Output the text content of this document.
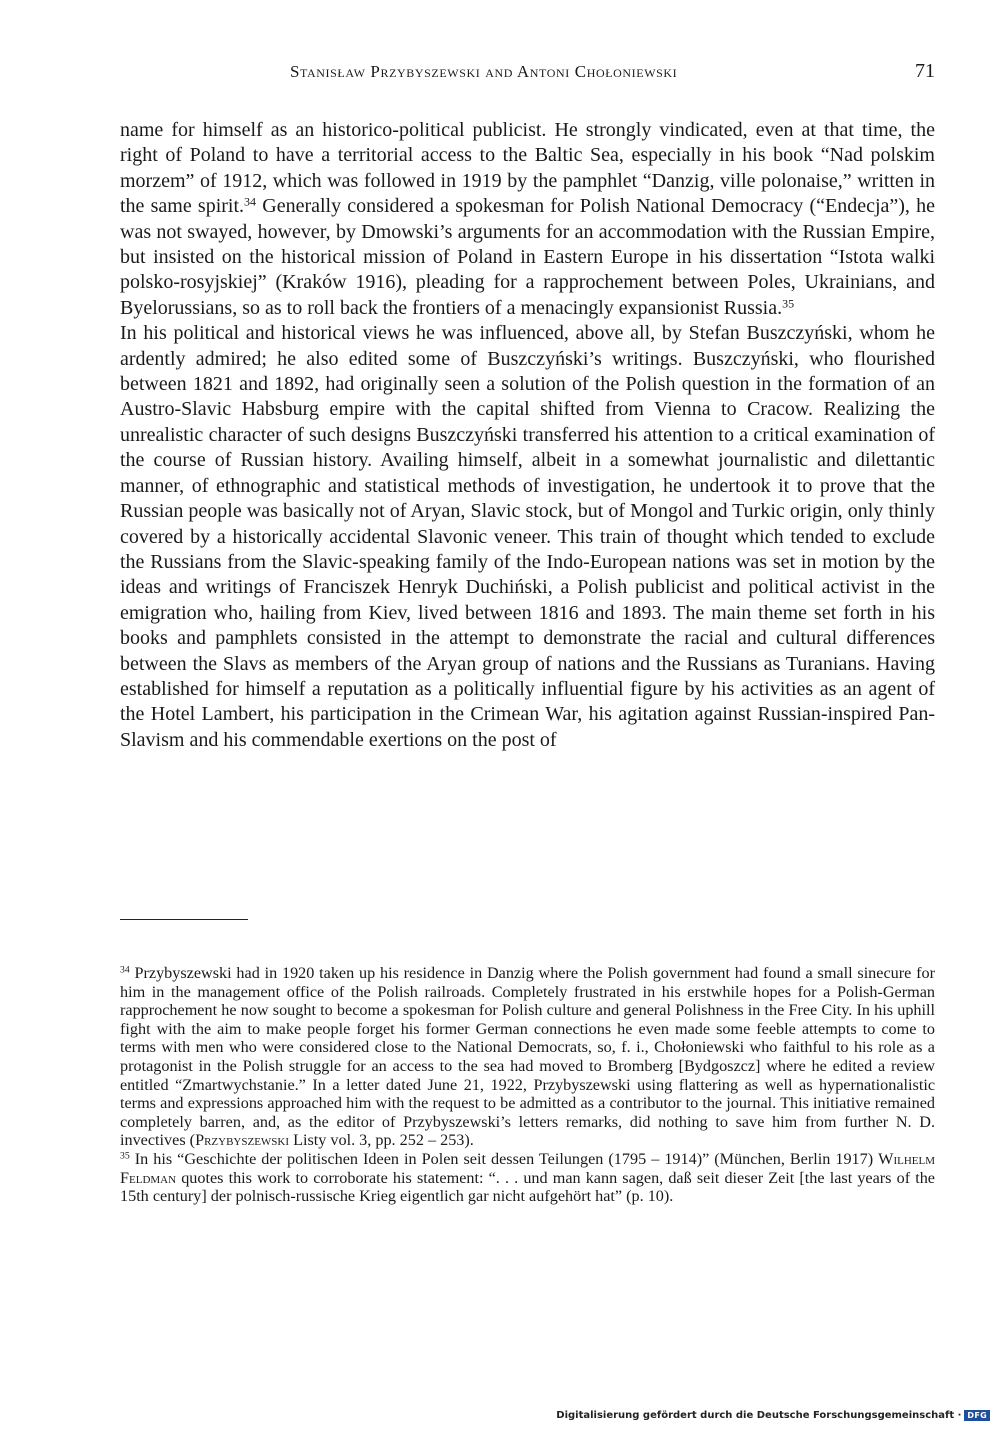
Stanisław Przybyszewski and Antoni Chołoniewski	71

name for himself as an historico-political publicist. He strongly vindicated, even at that time, the right of Poland to have a territorial access to the Baltic Sea, especially in his book “Nad polskim morzem” of 1912, which was followed in 1919 by the pamphlet “Danzig, ville polonaise,” written in the same spirit.$^{34}$ Generally considered a spokesman for Polish National Democracy (“Endecja”), he was not swayed, however, by Dmowski’s arguments for an accommodation with the Russian Empire, but insisted on the historical mission of Poland in Eastern Europe in his dissertation “Istota walki polsko-rosyjskiej” (Kraków 1916), pleading for a rapprochement between Poles, Ukrainians, and Byelorussians, so as to roll back the frontiers of a menacingly expansionist Russia.$^{35}$

In his political and historical views he was influenced, above all, by Stefan Buszczyński, whom he ardently admired; he also edited some of Buszczyński’s writings. Buszczyński, who flourished between 1821 and 1892, had originally seen a solution of the Polish question in the formation of an Austro-Slavic Habsburg empire with the capital shifted from Vienna to Cracow. Realizing the unrealistic character of such designs Buszczyński transferred his attention to a critical examination of the course of Russian history. Availing himself, albeit in a somewhat journalistic and dilettantic manner, of ethnographic and statistical methods of investigation, he undertook it to prove that the Russian people was basically not of Aryan, Slavic stock, but of Mongol and Turkic origin, only thinly covered by a historically accidental Slavonic veneer. This train of thought which tended to exclude the Russians from the Slavic-speaking family of the Indo-European nations was set in motion by the ideas and writings of Franciszek Henryk Duchiński, a Polish publicist and political activist in the emigration who, hailing from Kiev, lived between 1816 and 1893. The main theme set forth in his books and pamphlets consisted in the attempt to demonstrate the racial and cultural differences between the Slavs as members of the Aryan group of nations and the Russians as Turanians. Having established for himself a reputation as a politically influential figure by his activities as an agent of the Hotel Lambert, his participation in the Crimean War, his agitation against Russian-inspired Pan-Slavism and his commendable exertions on the post of

$^{34}$ Przybyszewski had in 1920 taken up his residence in Danzig where the Polish government had found a small sinecure for him in the management office of the Polish railroads. Completely frustrated in his erstwhile hopes for a Polish-German rapprochement he now sought to become a spokesman for Polish culture and general Polishness in the Free City. In his uphill fight with the aim to make people forget his former German connections he even made some feeble attempts to come to terms with men who were considered close to the National Democrats, so, f. i., Chołoniewski who faithful to his role as a protagonist in the Polish struggle for an access to the sea had moved to Bromberg [Bydgoszcz] where he edited a review entitled “Zmartwychstanie.” In a letter dated June 21, 1922, Przybyszewski using flattering as well as hypernationalistic terms and expressions approached him with the request to be admitted as a contributor to the journal. This initiative remained completely barren, and, as the editor of Przybyszewski’s letters remarks, did nothing to save him from further N. D. invectives (Przybyszewski Listy vol. 3, pp. 252 – 253).

$^{35}$ In his “Geschichte der politischen Ideen in Polen seit dessen Teilungen (1795 – 1914)” (München, Berlin 1917) Wilhelm Feldman quotes this work to corroborate his statement: “. . . und man kann sagen, daß seit dieser Zeit [the last years of the 15th century] der polnisch-russische Krieg eigentlich gar nicht aufgehört hat” (p. 10).

Digitalisierung gefördert durch die Deutsche Forschungsgemeinschaft · DFG
